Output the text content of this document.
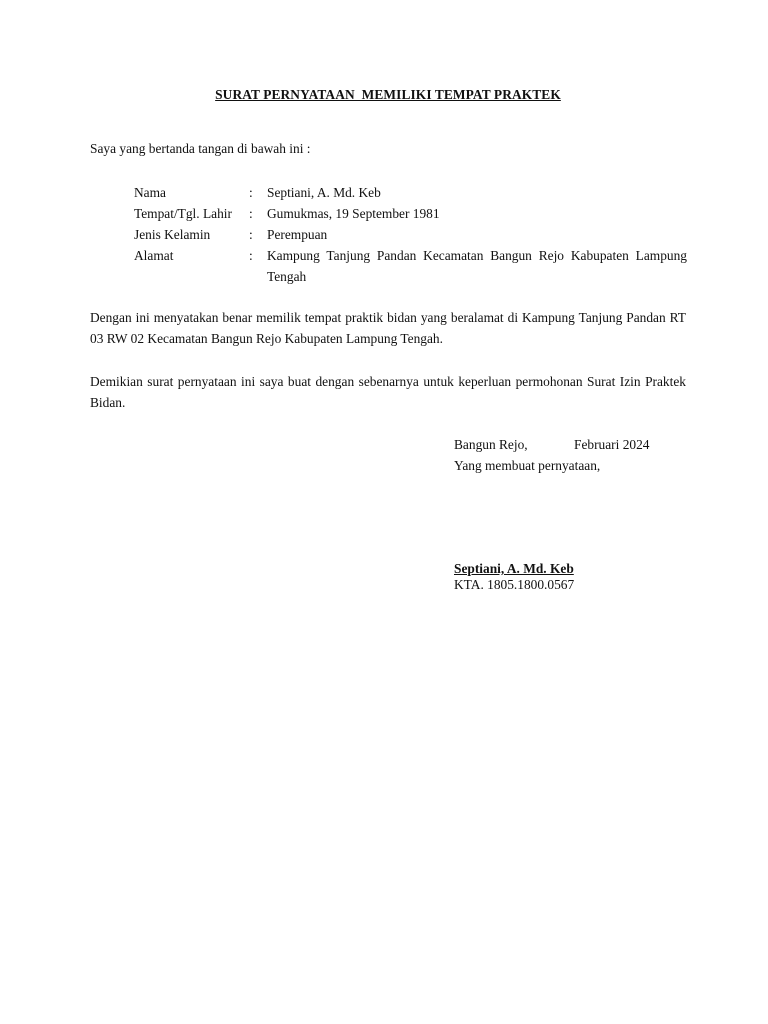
SURAT PERNYATAAN  MEMILIKI TEMPAT PRAKTEK
Saya yang bertanda tangan di bawah ini :
Nama	: Septiani, A. Md. Keb
Tempat/Tgl. Lahir : Gumukmas, 19 September 1981
Jenis Kelamin	: Perempuan
Alamat	: Kampung Tanjung Pandan Kecamatan Bangun Rejo Kabupaten Lampung Tengah
Dengan ini menyatakan benar memilik tempat praktik bidan yang beralamat di Kampung Tanjung Pandan RT 03 RW 02 Kecamatan Bangun Rejo Kabupaten Lampung Tengah.
Demikian surat pernyataan ini saya buat dengan sebenarnya untuk keperluan permohonan Surat Izin Praktek Bidan.
Bangun Rejo,	Februari 2024
Yang membuat pernyataan,
Septiani, A. Md. Keb
KTA. 1805.1800.0567
